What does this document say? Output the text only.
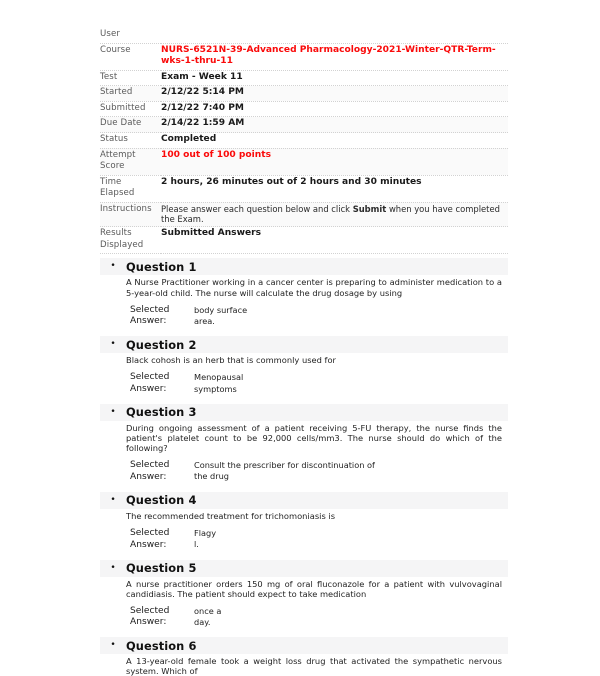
User	
Course	NURS-6521N-39-Advanced Pharmacology-2021-Winter-QTR-Term-wks-1-thru-11
Test	Exam - Week 11
Started	2/12/22 5:14 PM
Submitted	2/12/22 7:40 PM
Due Date	2/14/22 1:59 AM
Status	Completed
Attempt Score	100 out of 100 points
Time Elapsed	2 hours, 26 minutes out of 2 hours and 30 minutes
Instructions	Please answer each question below and click Submit when you have completed the Exam.
Results Displayed	Submitted Answers
• Question 1
A Nurse Practitioner working in a cancer center is preparing to administer medication to a 5-year-old child. The nurse will calculate the drug dosage by using
Selected
Answer:
body surface
area.
• Question 2
Black cohosh is an herb that is commonly used for
Selected
Answer:
Menopausal
symptoms
• Question 3
During ongoing assessment of a patient receiving 5-FU therapy, the nurse finds the patient's platelet count to be 92,000 cells/mm3. The nurse should do which of the following?
Selected
Answer:
Consult the prescriber for discontinuation of
the drug
• Question 4
The recommended treatment for trichomoniasis is
Selected
Answer:
Flagy
l.
• Question 5
A nurse practitioner orders 150 mg of oral fluconazole for a patient with vulvovaginal candidiasis. The patient should expect to take medication
Selected
Answer:
once a
day.
• Question 6
A 13-year-old female took a weight loss drug that activated the sympathetic nervous system. Which of
